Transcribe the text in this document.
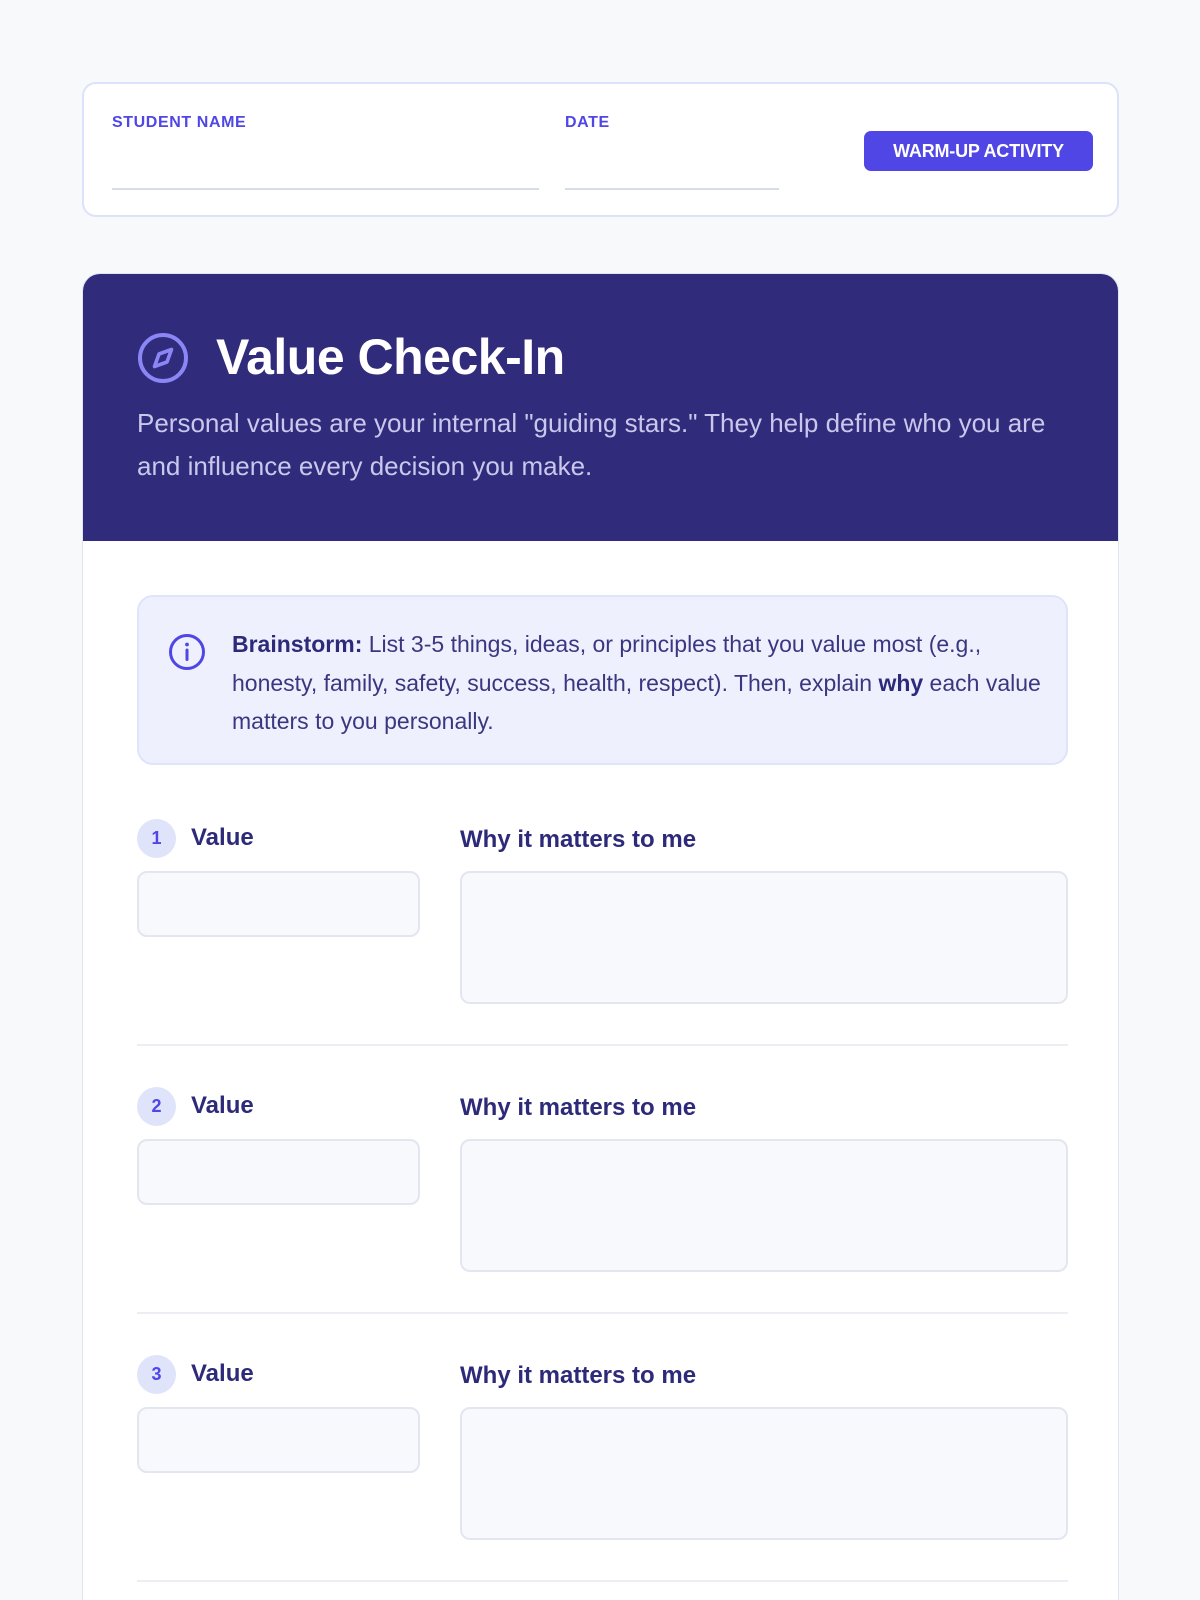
STUDENT NAME	DATE
WARM-UP ACTIVITY
Value Check-In
Personal values are your internal "guiding stars." They help define who you are and influence every decision you make.
Brainstorm: List 3-5 things, ideas, or principles that you value most (e.g., honesty, family, safety, success, health, respect). Then, explain why each value matters to you personally.
1	Value	Why it matters to me
2	Value	Why it matters to me
3	Value	Why it matters to me
